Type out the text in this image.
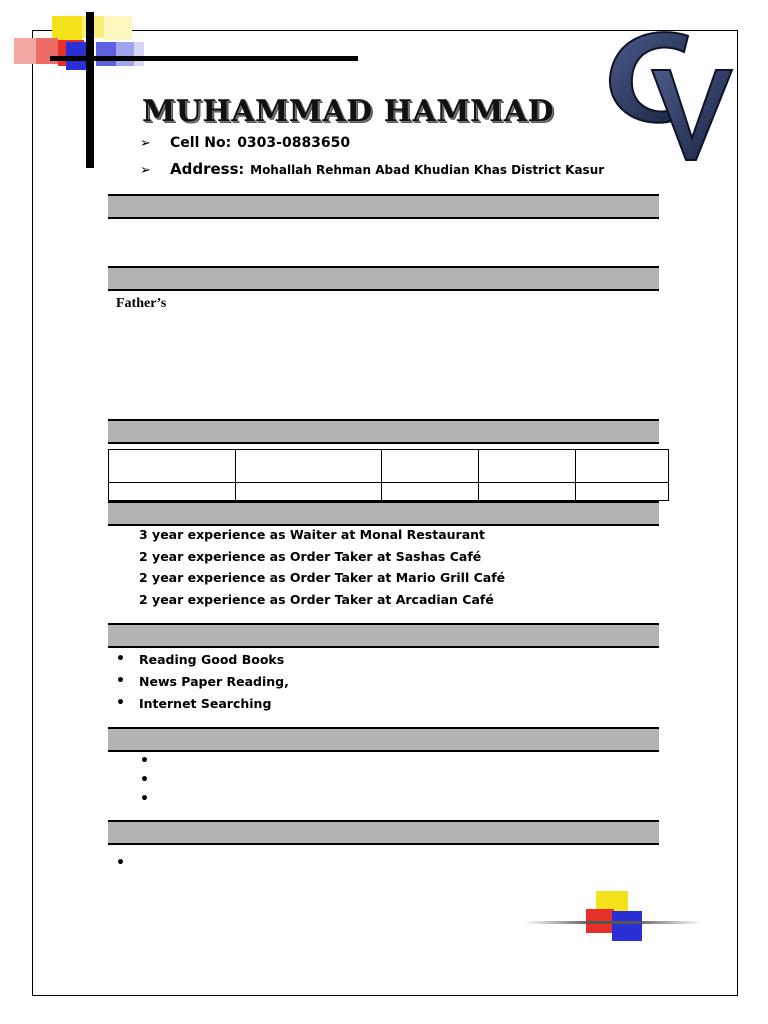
CV
MUHAMMAD HAMMAD
➢	Cell No: 0303-0883650
➢	Address : Mohallah Rehman Abad Khudian Khas District Kasur
Father’s

3 year experience as Waiter at Monal Restaurant
2 year experience as Order Taker at Sashas Café
2 year experience as Order Taker at Mario Grill Café
2 year experience as Order Taker at Arcadian Café
•	Reading Good Books
•	News Paper Reading,
•	Internet Searching
•
•
•
•
